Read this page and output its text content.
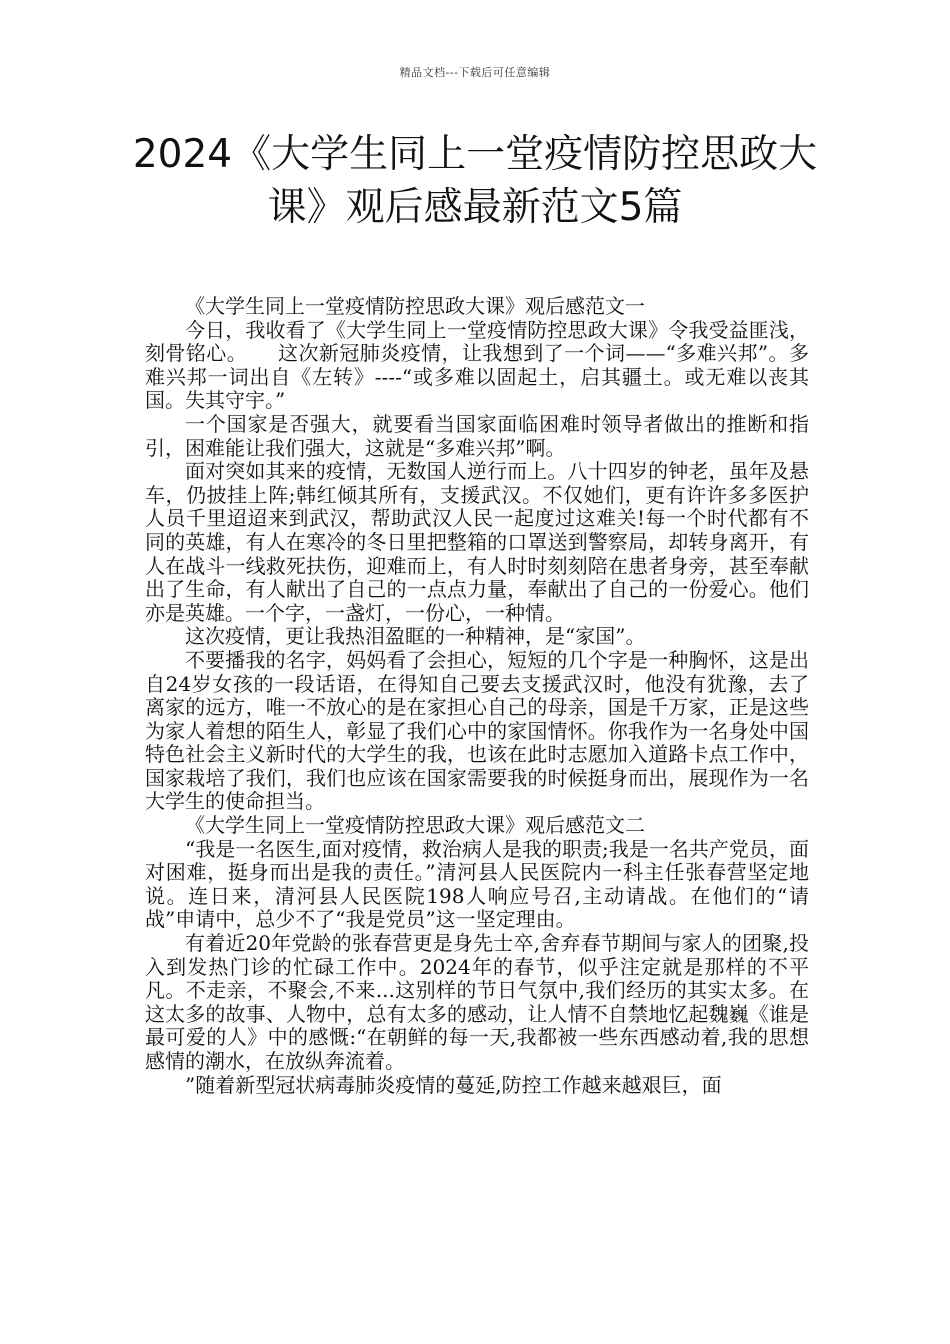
精品文档---下载后可任意编辑
2024《大学生同上一堂疫情防控思政大课》观后感最新范文5篇

《大学生同上一堂疫情防控思政大课》观后感范文一

今日，我收看了《大学生同上一堂疫情防控思政大课》令我受益匪浅，刻骨铭心。　　这次新冠肺炎疫情，让我想到了一个词——“多难兴邦”。多难兴邦一词出自《左转》----“或多难以固起土，启其疆土。或无难以丧其国。失其守宇。”

一个国家是否强大，就要看当国家面临困难时领导者做出的推断和指引，困难能让我们强大，这就是“多难兴邦”啊。

面对突如其来的疫情，无数国人逆行而上。八十四岁的钟老，虽年及悬车，仍披挂上阵;韩红倾其所有，支援武汉。不仅她们，更有许许多多医护人员千里迢迢来到武汉，帮助武汉人民一起度过这难关!每一个时代都有不同的英雄，有人在寒冷的冬日里把整箱的口罩送到警察局，却转身离开，有人在战斗一线救死扶伤，迎难而上，有人时时刻刻陪在患者身旁，甚至奉献出了生命，有人献出了自己的一点点力量，奉献出了自己的一份爱心。他们亦是英雄。一个字，一盏灯，一份心，一种情。

这次疫情，更让我热泪盈眶的一种精神，是“家国”。

不要播我的名字，妈妈看了会担心，短短的几个字是一种胸怀，这是出自24岁女孩的一段话语，在得知自己要去支援武汉时，他没有犹豫，去了离家的远方，唯一不放心的是在家担心自己的母亲，国是千万家，正是这些为家人着想的陌生人，彰显了我们心中的家国情怀。你我作为一名身处中国特色社会主义新时代的大学生的我，也该在此时志愿加入道路卡点工作中，国家栽培了我们，我们也应该在国家需要我的时候挺身而出，展现作为一名大学生的使命担当。

《大学生同上一堂疫情防控思政大课》观后感范文二

“我是一名医生,面对疫情，救治病人是我的职责;我是一名共产党员，面对困难，挺身而出是我的责任。”清河县人民医院内一科主任张春营坚定地说。连日来，清河县人民医院198人响应号召,主动请战。在他们的“请战”申请中，总少不了“我是党员”这一坚定理由。

有着近20年党龄的张春营更是身先士卒,舍弃春节期间与家人的团聚,投入到发热门诊的忙碌工作中。2024年的春节，似乎注定就是那样的不平凡。不走亲，不聚会,不来...这别样的节日气氛中,我们经历的其实太多。在这太多的故事、人物中，总有太多的感动，让人情不自禁地忆起魏巍《谁是最可爱的人》中的感慨:“在朝鲜的每一天,我都被一些东西感动着,我的思想感情的潮水，在放纵奔流着。

”随着新型冠状病毒肺炎疫情的蔓延,防控工作越来越艰巨，面
